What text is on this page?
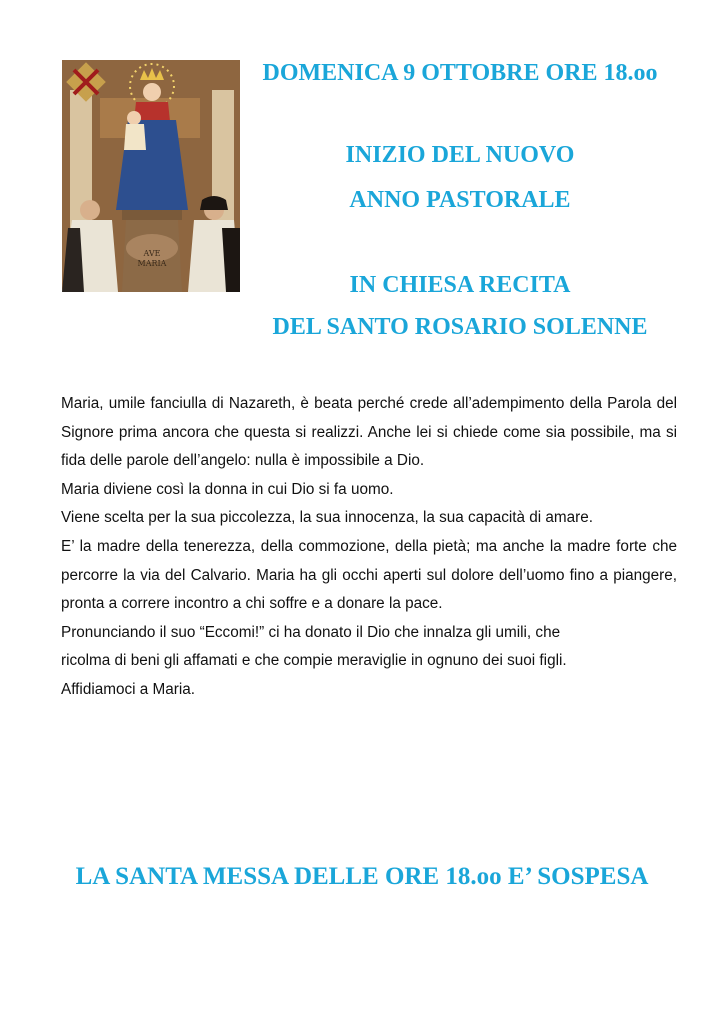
AVE
MARIA
DOMENICA 9 OTTOBRE ORE 18.oo
INIZIO DEL NUOVO
ANNO PASTORALE
IN CHIESA RECITA
DEL SANTO ROSARIO SOLENNE

Maria, umile fanciulla di Nazareth, è beata perché crede all’adempimento della Parola del Signore prima ancora che questa si realizzi. Anche lei si chiede come sia possibile, ma si fida delle parole dell’angelo: nulla è impossibile a Dio.

Maria diviene così la donna in cui Dio si fa uomo.

Viene scelta per la sua piccolezza, la sua innocenza, la sua capacità di amare.

E’ la madre della tenerezza, della commozione, della pietà; ma anche la madre forte che percorre la via del Calvario. Maria ha gli occhi aperti sul dolore dell’uomo fino a piangere, pronta a correre incontro a chi soffre e a donare la pace.

Pronunciando il suo “Eccomi!” ci ha donato il Dio che innalza gli umili, che

ricolma di beni gli affamati e che compie meraviglie in ognuno dei suoi figli.

Affidiamoci a Maria.

LA SANTA MESSA DELLE ORE 18.oo E’ SOSPESA
